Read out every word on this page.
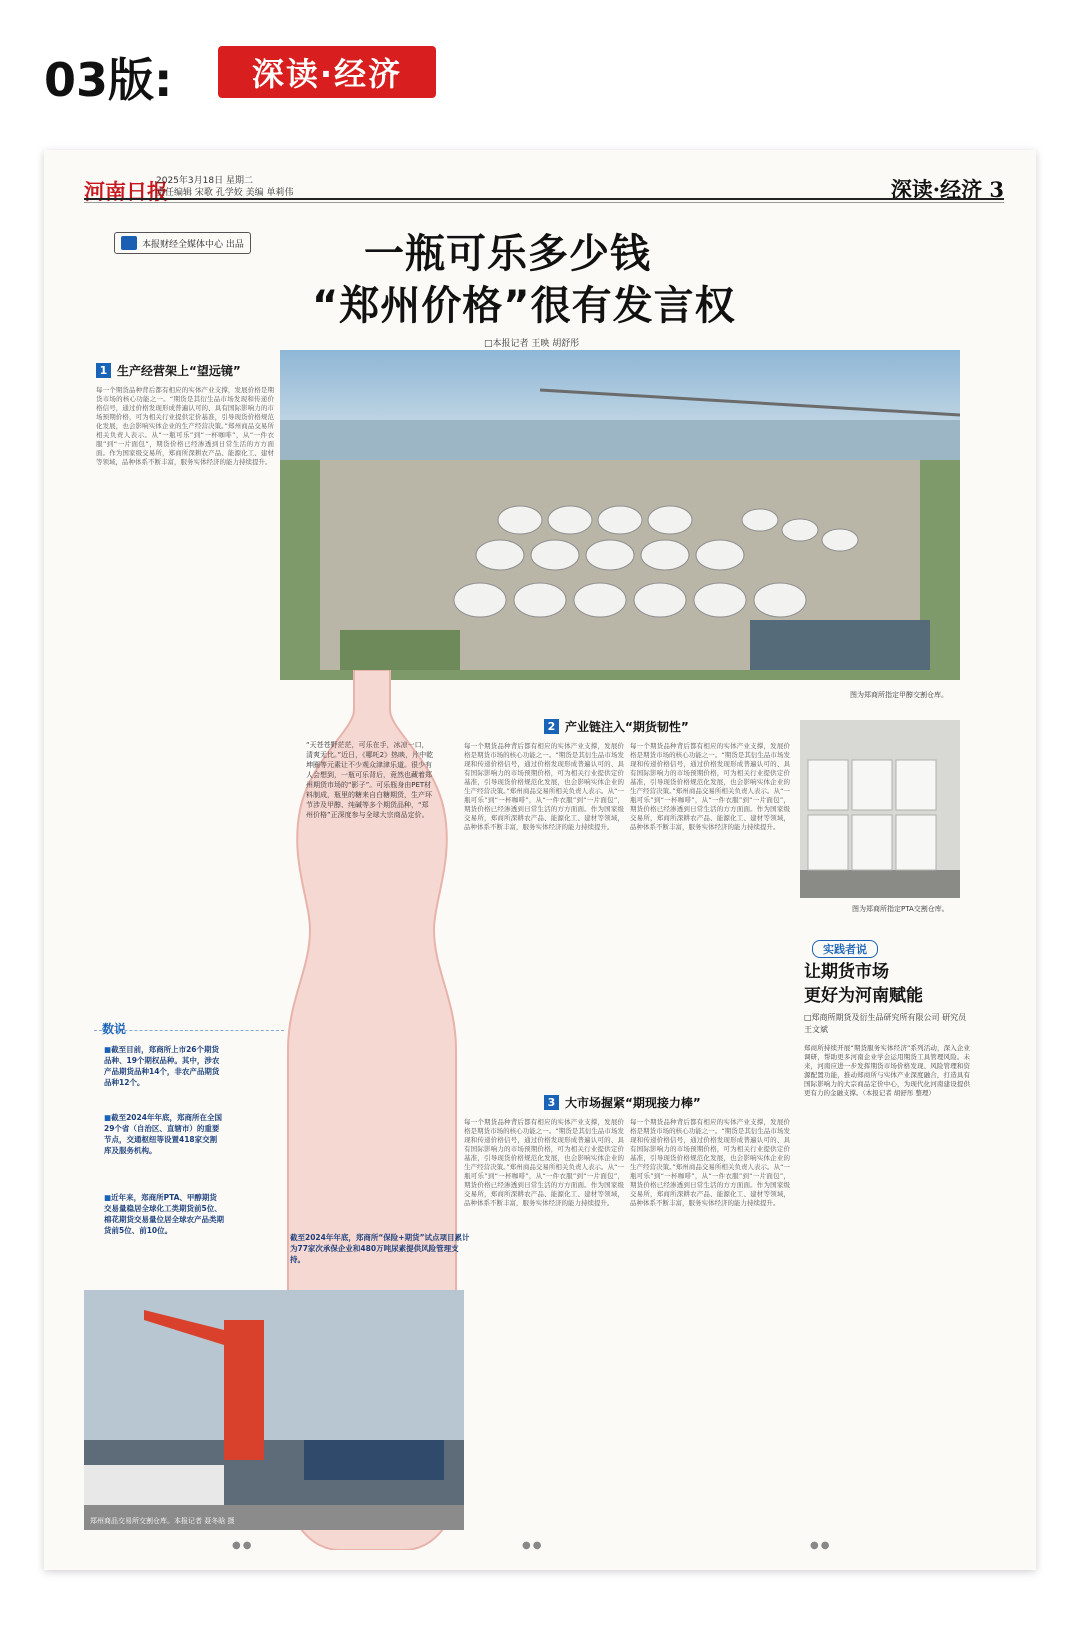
03版:	深读·经济
河南日报
2025年3月18日 星期二
责任编辑 宋歌 孔学姣 美编 单莉伟	深读·经济 3
本报财经全媒体中心 出品	一瓶可乐多少钱
“郑州价格”很有发言权
□本报记者 王映 胡舒彤
1 生产经营架上“望远镜”
每一个期货品种背后都有相应的实体产业支撑，发展价格是期货市场的核心功能之一。“期货是其衍生品市场发现和传递价格信号，通过价格发现形成普遍认可的、具有国际影响力的市场预期价格，可为相关行业提供定价基准，引导现货价格规范化发展，也会影响实体企业的生产经营决策。”郑州商品交易所相关负责人表示。从“一瓶可乐”到“一杯咖啡”，从“一件衣服”到“一片面包”，期货价格已经渗透到日常生活的方方面面。作为国家级交易所，郑商所深耕农产品、能源化工、建材等领域，品种体系不断丰富，服务实体经济的能力持续提升。
图为郑商所指定甲醇交割仓库。
“天苍苍野茫茫，可乐在手，冰凉一口，清爽无比。”近日，《哪吒2》热映，片中乾坤圈等元素让不少观众津津乐道。很少有人会想到，一瓶可乐背后，竟然也藏着郑州期货市场的“影子”。可乐瓶身由PET材料制成，瓶里的糖来自白糖期货，生产环节涉及甲醇、纯碱等多个期货品种，“郑州价格”正深度参与全球大宗商品定价。
数说
■ 截至目前，郑商所上市26个期货品种、19个期权品种。其中，涉农产品期货品种14个，非农产品期货品种12个。
■ 截至2024年年底，郑商所在全国29个省（自治区、直辖市）的重要节点，交通枢纽等设置418家交割库及服务机构。
■ 近年来，郑商所PTA、甲醇期货交易量稳居全球化工类期货前5位、棉花期货交易量位居全球农产品类期货前5位、前10位。
郑州商品交易所交割仓库。本报记者 聂冬晗 摄
截至2024年年底，郑商所“保险+期货”试点项目累计为77家次承保企业和480万吨尿素提供风险管理支持。
2 产业链注入“期货韧性”
每一个期货品种背后都有相应的实体产业支撑，发展价格是期货市场的核心功能之一。“期货是其衍生品市场发现和传递价格信号，通过价格发现形成普遍认可的、具有国际影响力的市场预期价格，可为相关行业提供定价基准，引导现货价格规范化发展，也会影响实体企业的生产经营决策。”郑州商品交易所相关负责人表示。从“一瓶可乐”到“一杯咖啡”，从“一件衣服”到“一片面包”，期货价格已经渗透到日常生活的方方面面。作为国家级交易所，郑商所深耕农产品、能源化工、建材等领域，品种体系不断丰富，服务实体经济的能力持续提升。
每一个期货品种背后都有相应的实体产业支撑，发展价格是期货市场的核心功能之一。“期货是其衍生品市场发现和传递价格信号，通过价格发现形成普遍认可的、具有国际影响力的市场预期价格，可为相关行业提供定价基准，引导现货价格规范化发展，也会影响实体企业的生产经营决策。”郑州商品交易所相关负责人表示。从“一瓶可乐”到“一杯咖啡”，从“一件衣服”到“一片面包”，期货价格已经渗透到日常生活的方方面面。作为国家级交易所，郑商所深耕农产品、能源化工、建材等领域，品种体系不断丰富，服务实体经济的能力持续提升。
图为郑商所指定PTA交割仓库。
实践者说
让期货市场
更好为河南赋能
□郑商所期货及衍生品研究所有限公司 研究员 王文斌
郑商所持续开展“期货服务实体经济”系列活动，深入企业调研，帮助更多河南企业学会运用期货工具管理风险。未来，河南应进一步发挥期货市场价格发现、风险管理和资源配置功能，推动郑商所与实体产业深度融合，打造具有国际影响力的大宗商品定价中心，为现代化河南建设提供更有力的金融支撑。（本报记者 胡舒彤 整理）
3 大市场握紧“期现接力棒”
每一个期货品种背后都有相应的实体产业支撑，发展价格是期货市场的核心功能之一。“期货是其衍生品市场发现和传递价格信号，通过价格发现形成普遍认可的、具有国际影响力的市场预期价格，可为相关行业提供定价基准，引导现货价格规范化发展，也会影响实体企业的生产经营决策。”郑州商品交易所相关负责人表示。从“一瓶可乐”到“一杯咖啡”，从“一件衣服”到“一片面包”，期货价格已经渗透到日常生活的方方面面。作为国家级交易所，郑商所深耕农产品、能源化工、建材等领域，品种体系不断丰富，服务实体经济的能力持续提升。
每一个期货品种背后都有相应的实体产业支撑，发展价格是期货市场的核心功能之一。“期货是其衍生品市场发现和传递价格信号，通过价格发现形成普遍认可的、具有国际影响力的市场预期价格，可为相关行业提供定价基准，引导现货价格规范化发展，也会影响实体企业的生产经营决策。”郑州商品交易所相关负责人表示。从“一瓶可乐”到“一杯咖啡”，从“一件衣服”到“一片面包”，期货价格已经渗透到日常生活的方方面面。作为国家级交易所，郑商所深耕农产品、能源化工、建材等领域，品种体系不断丰富，服务实体经济的能力持续提升。
●●	●●	●●
